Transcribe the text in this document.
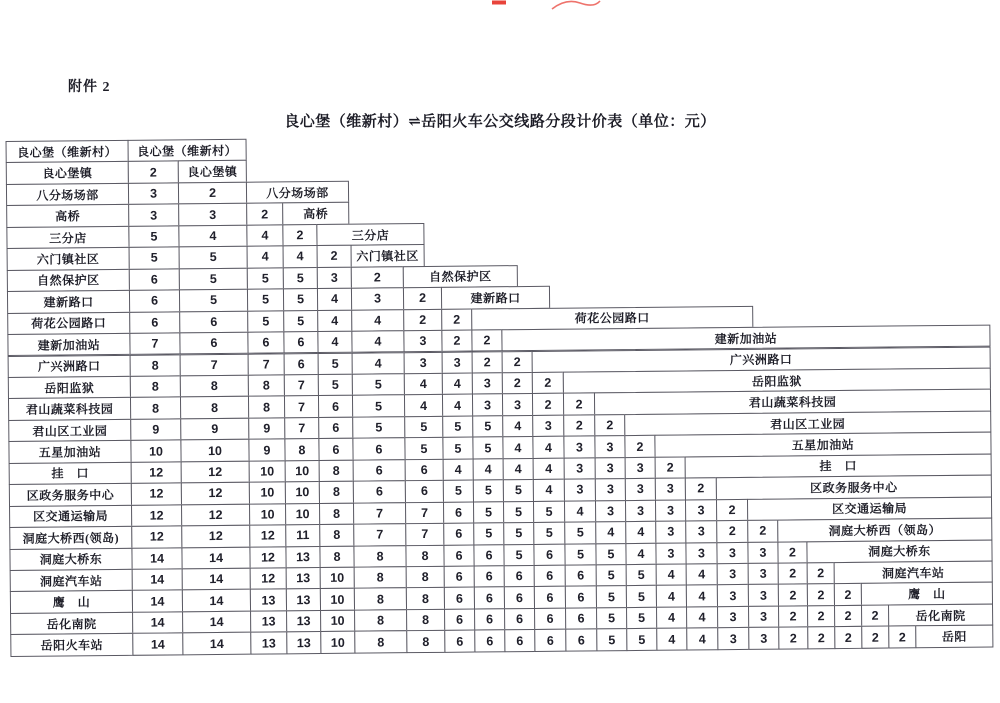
附件 2
良心堡（维新村）⇌岳阳火车公交线路分段计价表（单位：元）
良心堡（维新村）	良心堡（维新村）
良心堡镇	2	良心堡镇
八分场场部	3	2	八分场场部
高桥	3	3	2	高桥
三分店	5	4	4	2	三分店
六门镇社区	5	5	4	4	2	六门镇社区
自然保护区	6	5	5	5	3	2	自然保护区
建新路口	6	5	5	5	4	3	2	建新路口
荷花公园路口	6	6	5	5	4	4	2	2	荷花公园路口
建新加油站	7	6	6	6	4	4	3	2	2	建新加油站
广兴洲路口	8	7	7	6	5	4	3	3	2	2	广兴洲路口
岳阳监狱	8	8	8	7	5	5	4	4	3	2	2	岳阳监狱
君山蔬菜科技园	8	8	8	7	6	5	4	4	3	3	2	2	君山蔬菜科技园
君山区工业园	9	9	9	7	6	5	5	5	5	4	3	2	2	君山区工业园
五星加油站	10	10	9	8	6	6	5	5	5	4	4	3	3	2	五星加油站
挂　口	12	12	10	10	8	6	6	4	4	4	4	3	3	3	2	挂　口
区政务服务中心	12	12	10	10	8	6	6	5	5	5	4	3	3	3	3	2	区政务服务中心
区交通运输局	12	12	10	10	8	7	7	6	5	5	5	4	3	3	3	3	2	区交通运输局
洞庭大桥西(领岛)	12	12	12	11	8	7	7	6	5	5	5	5	4	4	3	3	2	2	洞庭大桥西（领岛）
洞庭大桥东	14	14	12	13	8	8	8	6	6	5	6	5	5	4	3	3	3	3	2	洞庭大桥东
洞庭汽车站	14	14	12	13	10	8	8	6	6	6	6	6	5	5	4	4	3	3	2	2	洞庭汽车站
鹰　山	14	14	13	13	10	8	8	6	6	6	6	6	5	5	4	4	3	3	2	2	2	鹰　山
岳化南院	14	14	13	13	10	8	8	6	6	6	6	6	5	5	4	4	3	3	2	2	2	2	岳化南院
岳阳火车站	14	14	13	13	10	8	8	6	6	6	6	6	5	5	4	4	3	3	2	2	2	2	2	岳阳
